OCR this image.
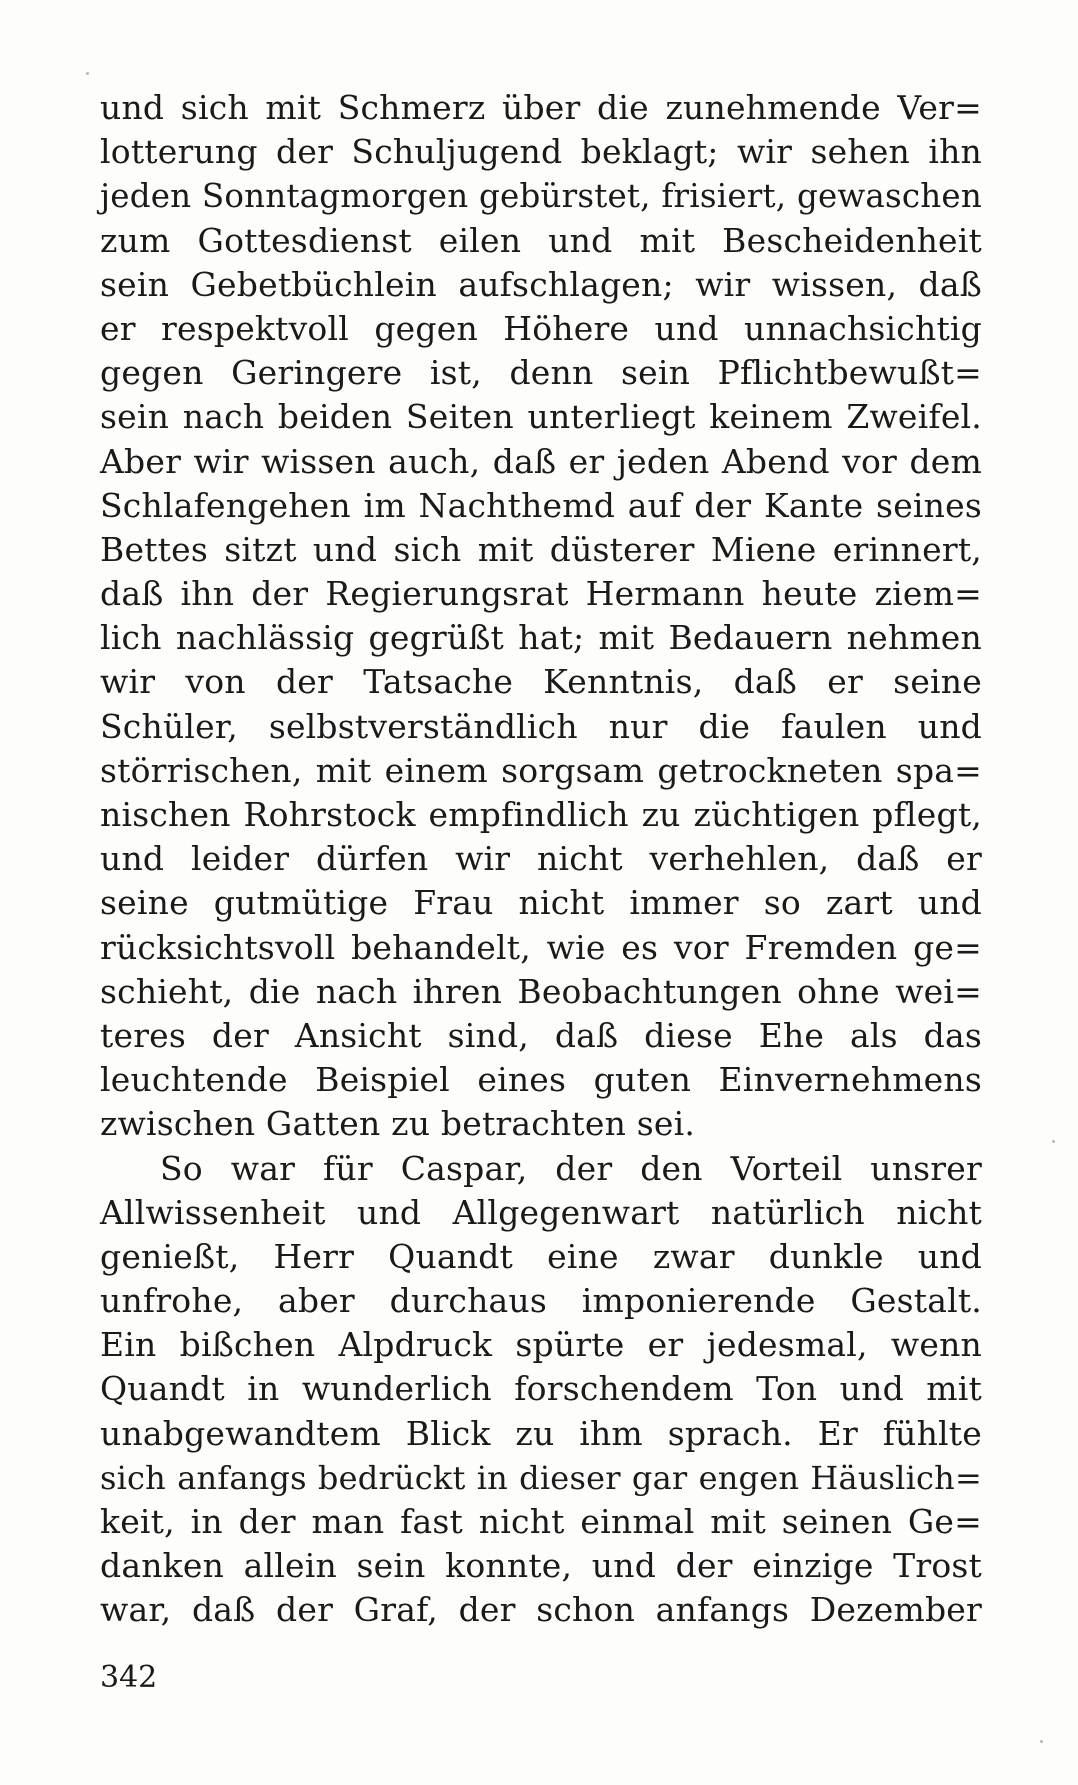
und sich mit Schmerz über die zunehmende Ver=
lotterung der Schuljugend beklagt; wir sehen ihn
jeden Sonntagmorgen gebürstet, frisiert, gewaschen
zum Gottesdienst eilen und mit Bescheidenheit
sein Gebetbüchlein aufschlagen; wir wissen, daß
er respektvoll gegen Höhere und unnachsichtig
gegen Geringere ist, denn sein Pflichtbewußt=
sein nach beiden Seiten unterliegt keinem Zweifel.
Aber wir wissen auch, daß er jeden Abend vor dem
Schlafengehen im Nachthemd auf der Kante seines
Bettes sitzt und sich mit düsterer Miene erinnert,
daß ihn der Regierungsrat Hermann heute ziem=
lich nachlässig gegrüßt hat; mit Bedauern nehmen
wir von der Tatsache Kenntnis, daß er seine
Schüler, selbstverständlich nur die faulen und
störrischen, mit einem sorgsam getrockneten spa=
nischen Rohrstock empfindlich zu züchtigen pflegt,
und leider dürfen wir nicht verhehlen, daß er
seine gutmütige Frau nicht immer so zart und
rücksichtsvoll behandelt, wie es vor Fremden ge=
schieht, die nach ihren Beobachtungen ohne wei=
teres der Ansicht sind, daß diese Ehe als das
leuchtende Beispiel eines guten Einvernehmens
zwischen Gatten zu betrachten sei.
So war für Caspar, der den Vorteil unsrer
Allwissenheit und Allgegenwart natürlich nicht
genießt, Herr Quandt eine zwar dunkle und
unfrohe, aber durchaus imponierende Gestalt.
Ein bißchen Alpdruck spürte er jedesmal, wenn
Quandt in wunderlich forschendem Ton und mit
unabgewandtem Blick zu ihm sprach. Er fühlte
sich anfangs bedrückt in dieser gar engen Häuslich=
keit, in der man fast nicht einmal mit seinen Ge=
danken allein sein konnte, und der einzige Trost
war, daß der Graf, der schon anfangs Dezember
342
